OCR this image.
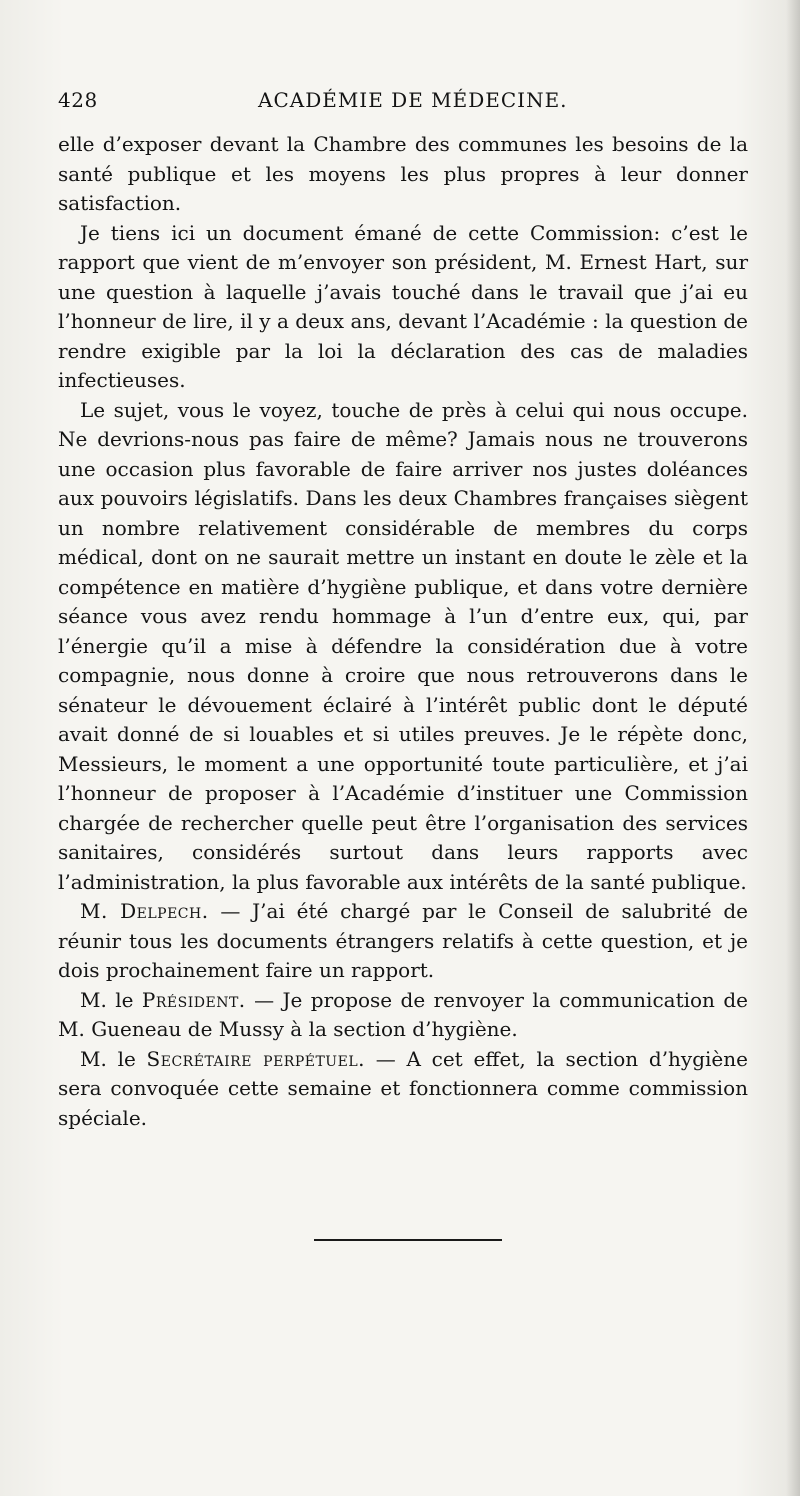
428	ACADÉMIE DE MÉDECINE.

elle d’exposer devant la Chambre des communes les besoins de la santé publique et les moyens les plus propres à leur donner satisfaction.

Je tiens ici un document émané de cette Commission: c’est le rapport que vient de m’envoyer son président, M. Ernest Hart, sur une question à laquelle j’avais touché dans le travail que j’ai eu l’honneur de lire, il y a deux ans, devant l’Académie : la question de rendre exigible par la loi la déclaration des cas de maladies infectieuses.

Le sujet, vous le voyez, touche de près à celui qui nous occupe. Ne devrions-nous pas faire de même? Jamais nous ne trouverons une occasion plus favorable de faire arriver nos justes doléances aux pouvoirs législatifs. Dans les deux Chambres françaises siègent un nombre relativement considérable de membres du corps médical, dont on ne saurait mettre un instant en doute le zèle et la compétence en matière d’hygiène publique, et dans votre dernière séance vous avez rendu hommage à l’un d’entre eux, qui, par l’énergie qu’il a mise à défendre la considération due à votre compagnie, nous donne à croire que nous retrouverons dans le sénateur le dévouement éclairé à l’intérêt public dont le député avait donné de si louables et si utiles preuves. Je le répète donc, Messieurs, le moment a une opportunité toute particulière, et j’ai l’honneur de proposer à l’Académie d’instituer une Commission chargée de rechercher quelle peut être l’organisation des services sanitaires, considérés surtout dans leurs rapports avec l’administration, la plus favorable aux intérêts de la santé publique.

M. Delpech. — J’ai été chargé par le Conseil de salubrité de réunir tous les documents étrangers relatifs à cette question, et je dois prochainement faire un rapport.

M. le Président. — Je propose de renvoyer la communication de M. Gueneau de Mussy à la section d’hygiène.

M. le Secrétaire perpétuel. — A cet effet, la section d’hygiène sera convoquée cette semaine et fonctionnera comme commission spéciale.
